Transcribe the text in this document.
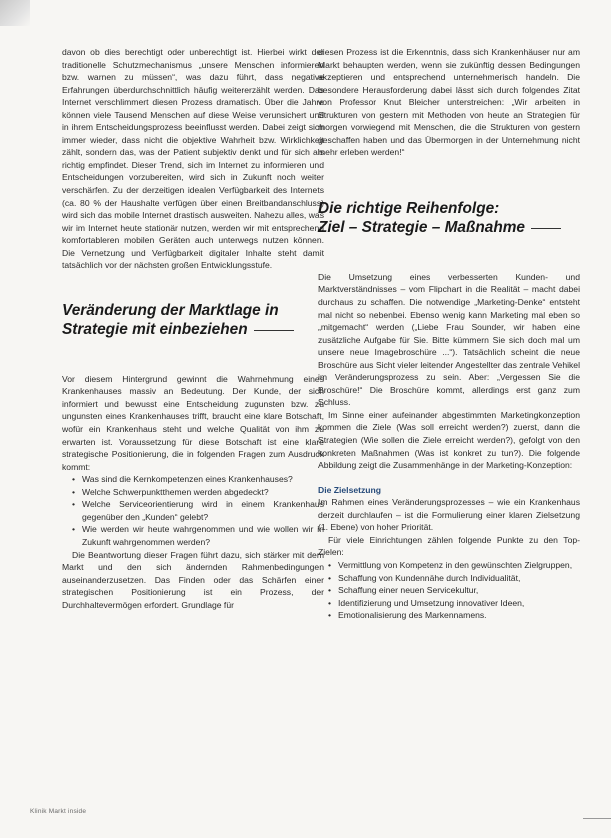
davon ob dies berechtigt oder unberechtigt ist. Hierbei wirkt der traditionelle Schutzmechanismus „unsere Menschen informieren bzw. warnen zu müssen“, was dazu führt, dass negative Erfahrungen überdurchschnittlich häufig weitererzählt werden. Das Internet verschlimmert diesen Prozess dramatisch. Über die Jahre können viele Tausend Menschen auf diese Weise verunsichert und in ihrem Entscheidungsprozess beeinflusst werden. Dabei zeigt sich immer wieder, dass nicht die objektive Wahrheit bzw. Wirklichkeit zählt, sondern das, was der Patient subjektiv denkt und für sich als richtig empfindet. Dieser Trend, sich im Internet zu informieren und Entscheidungen vorzubereiten, wird sich in Zukunft noch weiter verschärfen. Zu der derzeitigen idealen Verfügbarkeit des Internets (ca. 80 % der Haushalte verfügen über einen Breitbandanschluss) wird sich das mobile Internet drastisch ausweiten. Nahezu alles, was wir im Internet heute stationär nutzen, werden wir mit entsprechend komfortableren mobilen Geräten auch unterwegs nutzen können. Die Vernetzung und Verfügbarkeit digitaler Inhalte steht damit tatsächlich vor der nächsten großen Entwicklungsstufe.

Veränderung der Marktlage in
Strategie mit einbeziehen

Vor diesem Hintergrund gewinnt die Wahrnehmung eines Krankenhauses massiv an Bedeutung. Der Kunde, der sich informiert und bewusst eine Entscheidung zugunsten bzw. zu ungunsten eines Krankenhauses trifft, braucht eine klare Botschaft, wofür ein Krankenhaus steht und welche Qualität von ihm zu erwarten ist. Voraussetzung für diese Botschaft ist eine klare strategische Positionierung, die in folgenden Fragen zum Ausdruck kommt:

• Was sind die Kernkompetenzen eines Krankenhauses?
• Welche Schwerpunktthemen werden abgedeckt?
• Welche Serviceorientierung wird in einem Krankenhaus gegenüber den „Kunden“ gelebt?
• Wie werden wir heute wahrgenommen und wie wollen wir in Zukunft wahrgenommen werden?

Die Beantwortung dieser Fragen führt dazu, sich stärker mit dem Markt und den sich ändernden Rahmenbedingungen auseinanderzusetzen. Das Finden oder das Schärfen einer strategischen Positionierung ist ein Prozess, der Durchhaltevermögen erfordert. Grundlage für

diesen Prozess ist die Erkenntnis, dass sich Krankenhäuser nur am Markt behaupten werden, wenn sie zukünftig dessen Bedingungen akzeptieren und entsprechend unternehmerisch handeln. Die besondere Herausforderung dabei lässt sich durch folgendes Zitat von Professor Knut Bleicher unterstreichen: „Wir arbeiten in Strukturen von gestern mit Methoden von heute an Strategien für morgen vorwiegend mit Menschen, die die Strukturen von gestern geschaffen haben und das Übermorgen in der Unternehmung nicht mehr erleben werden!“

Die richtige Reihenfolge:
Ziel – Strategie – Maßnahme

Die Umsetzung eines verbesserten Kunden- und Marktverständnisses – vom Flipchart in die Realität – macht dabei durchaus zu schaffen. Die notwendige „Marketing-Denke“ entsteht mal nicht so nebenbei. Ebenso wenig kann Marketing mal eben so „mitgemacht“ werden („Liebe Frau Sounder, wir haben eine zusätzliche Aufgabe für Sie. Bitte kümmern Sie sich doch mal um unsere neue Imagebroschüre ...“). Tatsächlich scheint die neue Broschüre aus Sicht vieler leitender Angestellter das zentrale Vehikel im Veränderungsprozess zu sein. Aber: „Vergessen Sie die Broschüre!“ Die Broschüre kommt, allerdings erst ganz zum Schluss.

Im Sinne einer aufeinander abgestimmten Marketingkonzeption kommen die Ziele (Was soll erreicht werden?) zuerst, dann die Strategien (Wie sollen die Ziele erreicht werden?), gefolgt von den konkreten Maßnahmen (Was ist konkret zu tun?). Die folgende Abbildung zeigt die Zusammenhänge in der Marketing-Konzeption:

Die Zielsetzung

Im Rahmen eines Veränderungsprozesses – wie ein Krankenhaus derzeit durchlaufen – ist die Formulierung einer klaren Zielsetzung (1. Ebene) von hoher Priorität.

Für viele Einrichtungen zählen folgende Punkte zu den Top-Zielen:

• Vermittlung von Kompetenz in den gewünschten Zielgruppen,
• Schaffung von Kundennähe durch Individualität,
• Schaffung einer neuen Servicekultur,
• Identifizierung und Umsetzung innovativer Ideen,
• Emotionalisierung des Markennamens.
Klinik Markt inside
